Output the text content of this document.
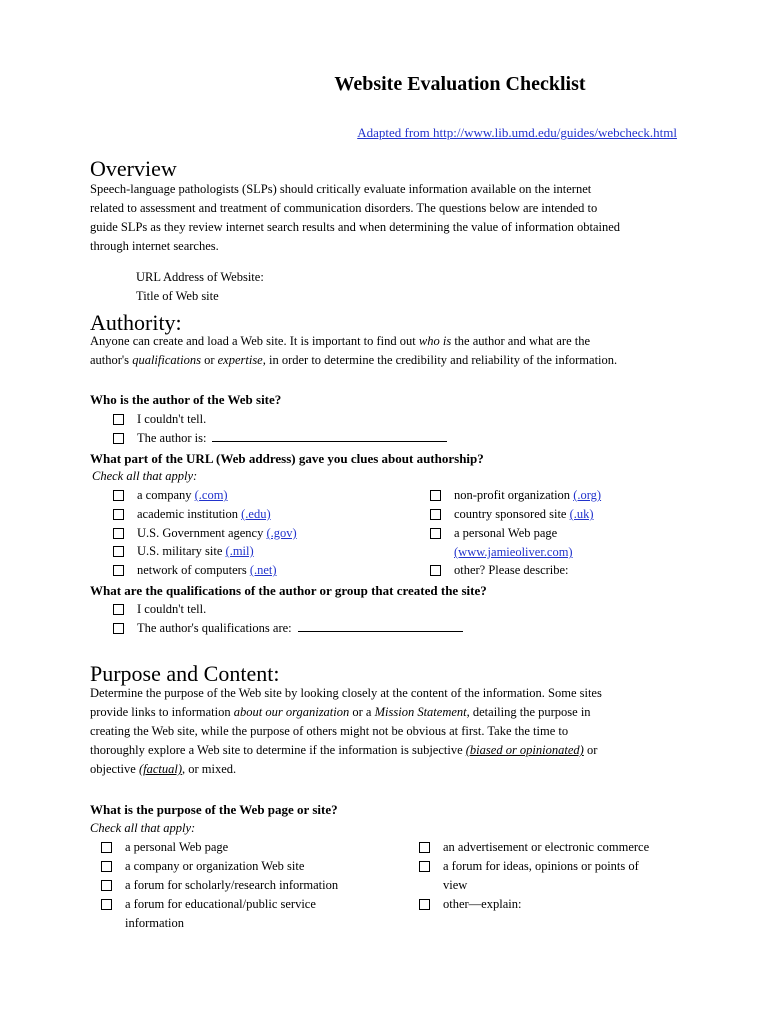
Website Evaluation Checklist
Adapted from http://www.lib.umd.edu/guides/webcheck.html
Overview
Speech-language pathologists (SLPs) should critically evaluate information available on the internet
related to assessment and treatment of communication disorders. The questions below are intended to
guide SLPs as they review internet search results and when determining the value of information obtained
through internet searches.
URL Address of Website:
Title of Web site
Authority:
Anyone can create and load a Web site. It is important to find out who is the author and what are the
author's qualifications or expertise, in order to determine the credibility and reliability of the information.
Who is the author of the Web site?
I couldn't tell.
The author is:
What part of the URL (Web address) gave you clues about authorship?
Check all that apply:
a company (.com)
academic institution (.edu)
U.S. Government agency (.gov)
U.S. military site (.mil)
network of computers (.net)
non-profit organization (.org)
country sponsored site (.uk)
a personal Web page
(www.jamieoliver.com)
other? Please describe:
What are the qualifications of the author or group that created the site?
I couldn't tell.
The author's qualifications are:
Purpose and Content:
Determine the purpose of the Web site by looking closely at the content of the information. Some sites
provide links to information about our organization or a Mission Statement, detailing the purpose in
creating the Web site, while the purpose of others might not be obvious at first. Take the time to
thoroughly explore a Web site to determine if the information is subjective (biased or opinionated) or
objective (factual), or mixed.
What is the purpose of the Web page or site?
Check all that apply:
a personal Web page
a company or organization Web site
a forum for scholarly/research information
a forum for educational/public service
information
an advertisement or electronic commerce
a forum for ideas, opinions or points of
view
other—explain:
